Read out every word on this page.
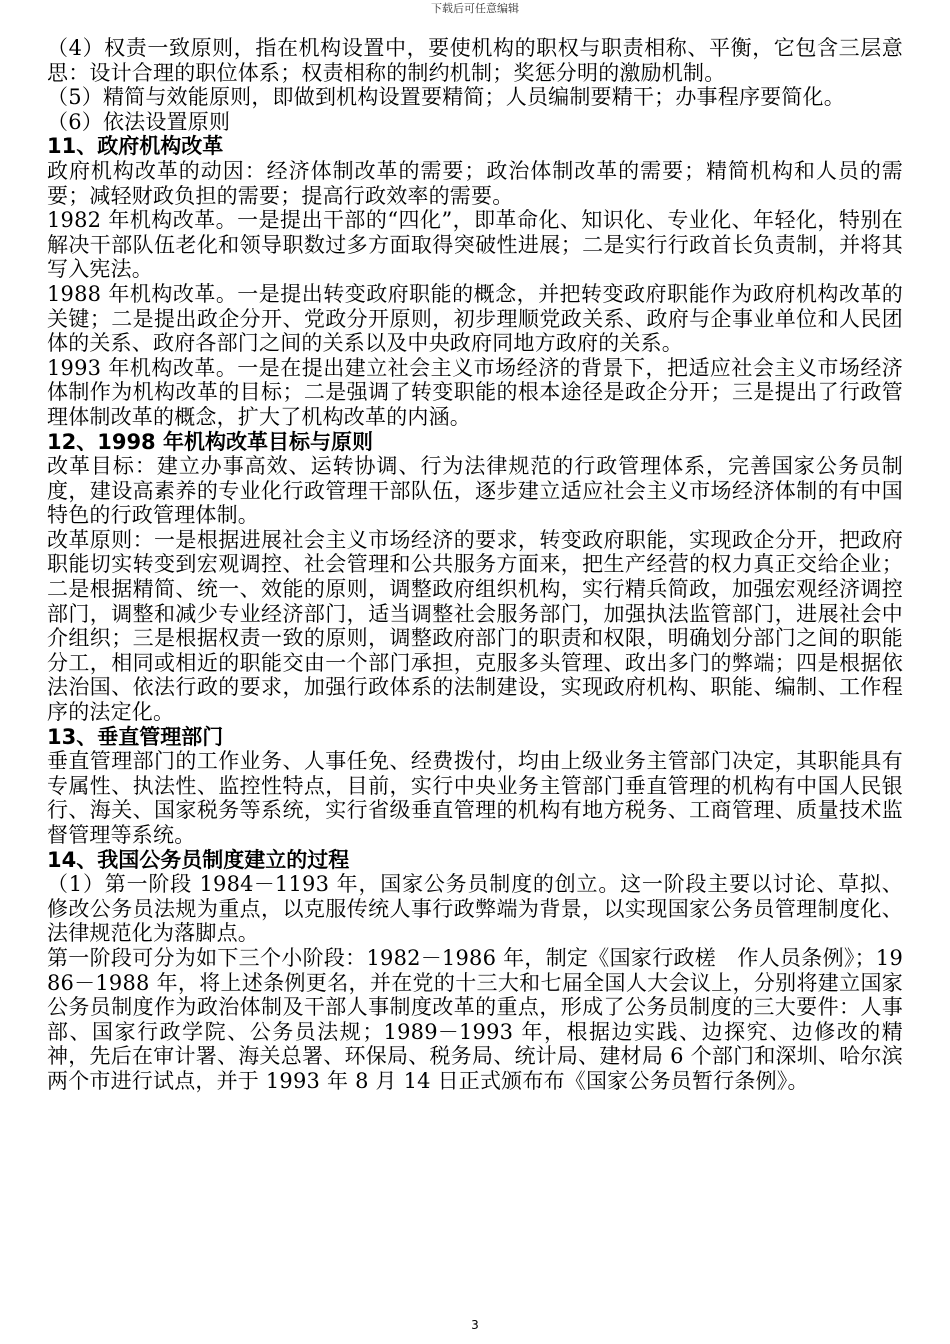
下载后可任意编辑

（4）权责一致原则，指在机构设置中，要使机构的职权与职责相称、平衡，它包含三层意思：设计合理的职位体系；权责相称的制约机制；奖惩分明的激励机制。

（5）精简与效能原则，即做到机构设置要精简；人员编制要精干；办事程序要简化。

（6）依法设置原则

11、政府机构改革

政府机构改革的动因：经济体制改革的需要；政治体制改革的需要；精简机构和人员的需要；减轻财政负担的需要；提高行政效率的需要。

1982 年机构改革。一是提出干部的“四化”，即革命化、知识化、专业化、年轻化，特别在解决干部队伍老化和领导职数过多方面取得突破性进展；二是实行行政首长负责制，并将其写入宪法。

1988 年机构改革。一是提出转变政府职能的概念，并把转变政府职能作为政府机构改革的关键；二是提出政企分开、党政分开原则，初步理顺党政关系、政府与企事业单位和人民团体的关系、政府各部门之间的关系以及中央政府同地方政府的关系。

1993 年机构改革。一是在提出建立社会主义市场经济的背景下，把适应社会主义市场经济体制作为机构改革的目标；二是强调了转变职能的根本途径是政企分开；三是提出了行政管理体制改革的概念，扩大了机构改革的内涵。

12、1998 年机构改革目标与原则

改革目标：建立办事高效、运转协调、行为法律规范的行政管理体系，完善国家公务员制度，建设高素养的专业化行政管理干部队伍，逐步建立适应社会主义市场经济体制的有中国特色的行政管理体制。

改革原则：一是根据进展社会主义市场经济的要求，转变政府职能，实现政企分开，把政府职能切实转变到宏观调控、社会管理和公共服务方面来，把生产经营的权力真正交给企业；二是根据精简、统一、效能的原则，调整政府组织机构，实行精兵简政，加强宏观经济调控部门，调整和减少专业经济部门，适当调整社会服务部门，加强执法监管部门，进展社会中介组织；三是根据权责一致的原则，调整政府部门的职责和权限，明确划分部门之间的职能分工，相同或相近的职能交由一个部门承担，克服多头管理、政出多门的弊端；四是根据依法治国、依法行政的要求，加强行政体系的法制建设，实现政府机构、职能、编制、工作程序的法定化。

13、垂直管理部门

垂直管理部门的工作业务、人事任免、经费拨付，均由上级业务主管部门决定，其职能具有专属性、执法性、监控性特点，目前，实行中央业务主管部门垂直管理的机构有中国人民银行、海关、国家税务等系统，实行省级垂直管理的机构有地方税务、工商管理、质量技术监督管理等系统。

14、我国公务员制度建立的过程

（1）第一阶段 1984－1193 年，国家公务员制度的创立。这一阶段主要以讨论、草拟、修改公务员法规为重点，以克服传统人事行政弊端为背景，以实现国家公务员管理制度化、法律规范化为落脚点。

第一阶段可分为如下三个小阶段：1982－1986 年，制定《国家行政槎　作人员条例》；1986－1988 年，将上述条例更名，并在党的十三大和七届全国人大会议上，分别将建立国家公务员制度作为政治体制及干部人事制度改革的重点，形成了公务员制度的三大要件：人事部、国家行政学院、公务员法规；1989－1993 年，根据边实践、边探究、边修改的精神，先后在审计署、海关总署、环保局、税务局、统计局、建材局 6 个部门和深圳、哈尔滨两个市进行试点，并于 1993 年 8 月 14 日正式颁布布《国家公务员暂行条例》。

3
